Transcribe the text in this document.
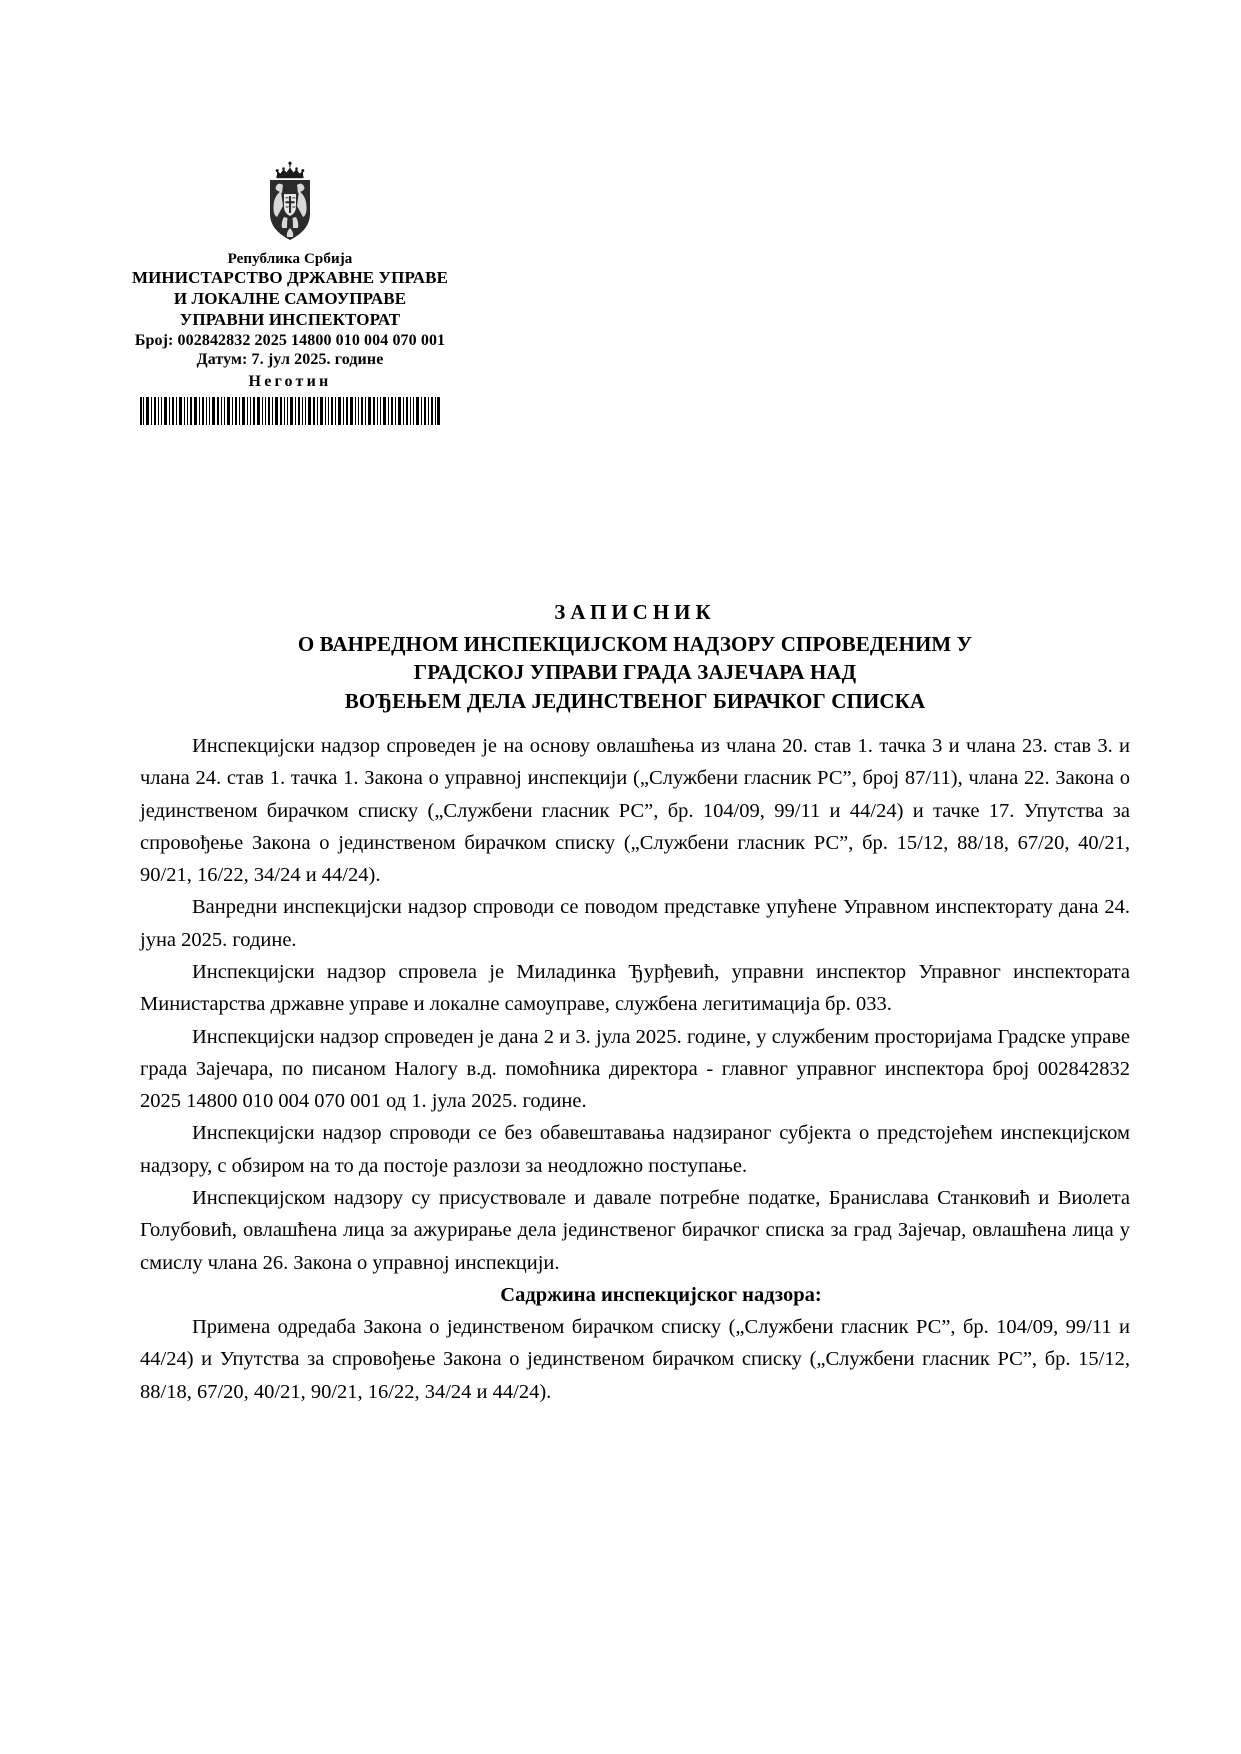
Република Србија
МИНИСТАРСТВО ДРЖАВНЕ УПРАВЕ
И ЛОКАЛНЕ САМОУПРАВЕ
УПРАВНИ ИНСПЕКТОРАТ
Број: 002842832 2025 14800 010 004 070 001
Датум: 7. јул 2025. године
Неготин
ЗАПИСНИК
О ВАНРЕДНОМ ИНСПЕКЦИЈСКОМ НАДЗОРУ СПРОВЕДЕНИМ У
ГРАДСКОЈ УПРАВИ ГРАДА ЗАЈЕЧАРА НАД
ВОЂЕЊЕМ ДЕЛА ЈЕДИНСТВЕНОГ БИРАЧКОГ СПИСКА

Инспекцијски надзор спроведен је на основу овлашћења из члана 20. став 1. тачка 3 и члана 23. став 3. и члана 24. став 1. тачка 1. Закона о управној инспекцији („Службени гласник РС”, број 87/11), члана 22. Закона о јединственом бирачком списку („Службени гласник РС”, бр. 104/09, 99/11 и 44/24) и тачке 17. Упутства за спровођење Закона о јединственом бирачком списку („Службени гласник РС”, бр. 15/12, 88/18, 67/20, 40/21, 90/21, 16/22, 34/24 и 44/24).

Ванредни инспекцијски надзор спроводи се поводом представке упућене Управном инспекторату дана 24. јуна 2025. године.

Инспекцијски надзор спровела је Миладинка Ђурђевић, управни инспектор Управног инспектората Министарства државне управе и локалне самоуправе, службена легитимација бр. 033.

Инспекцијски надзор спроведен је дана 2 и 3. јула 2025. године, у службеним просторијама Градске управе града Зајечара, по писаном Налогу в.д. помоћника директора - главног управног инспектора број 002842832 2025 14800 010 004 070 001 од 1. јула 2025. године.

Инспекцијски надзор спроводи се без обавештавања надзираног субјекта о предстојећем инспекцијском надзору, с обзиром на то да постоје разлози за неодложно поступање.

Инспекцијском надзору су присуствовале и давале потребне податке, Бранислава Станковић и Виолета Голубовић, овлашћена лица за ажурирање дела јединственог бирачког списка за град Зајечар, овлашћена лица у смислу члана 26. Закона о управној инспекцији.

Садржина инспекцијског надзора:

Примена одредаба Закона о јединственом бирачком списку („Службени гласник РС”, бр. 104/09, 99/11 и 44/24) и Упутства за спровођење Закона о јединственом бирачком списку („Службени гласник РС”, бр. 15/12, 88/18, 67/20, 40/21, 90/21, 16/22, 34/24 и 44/24).
